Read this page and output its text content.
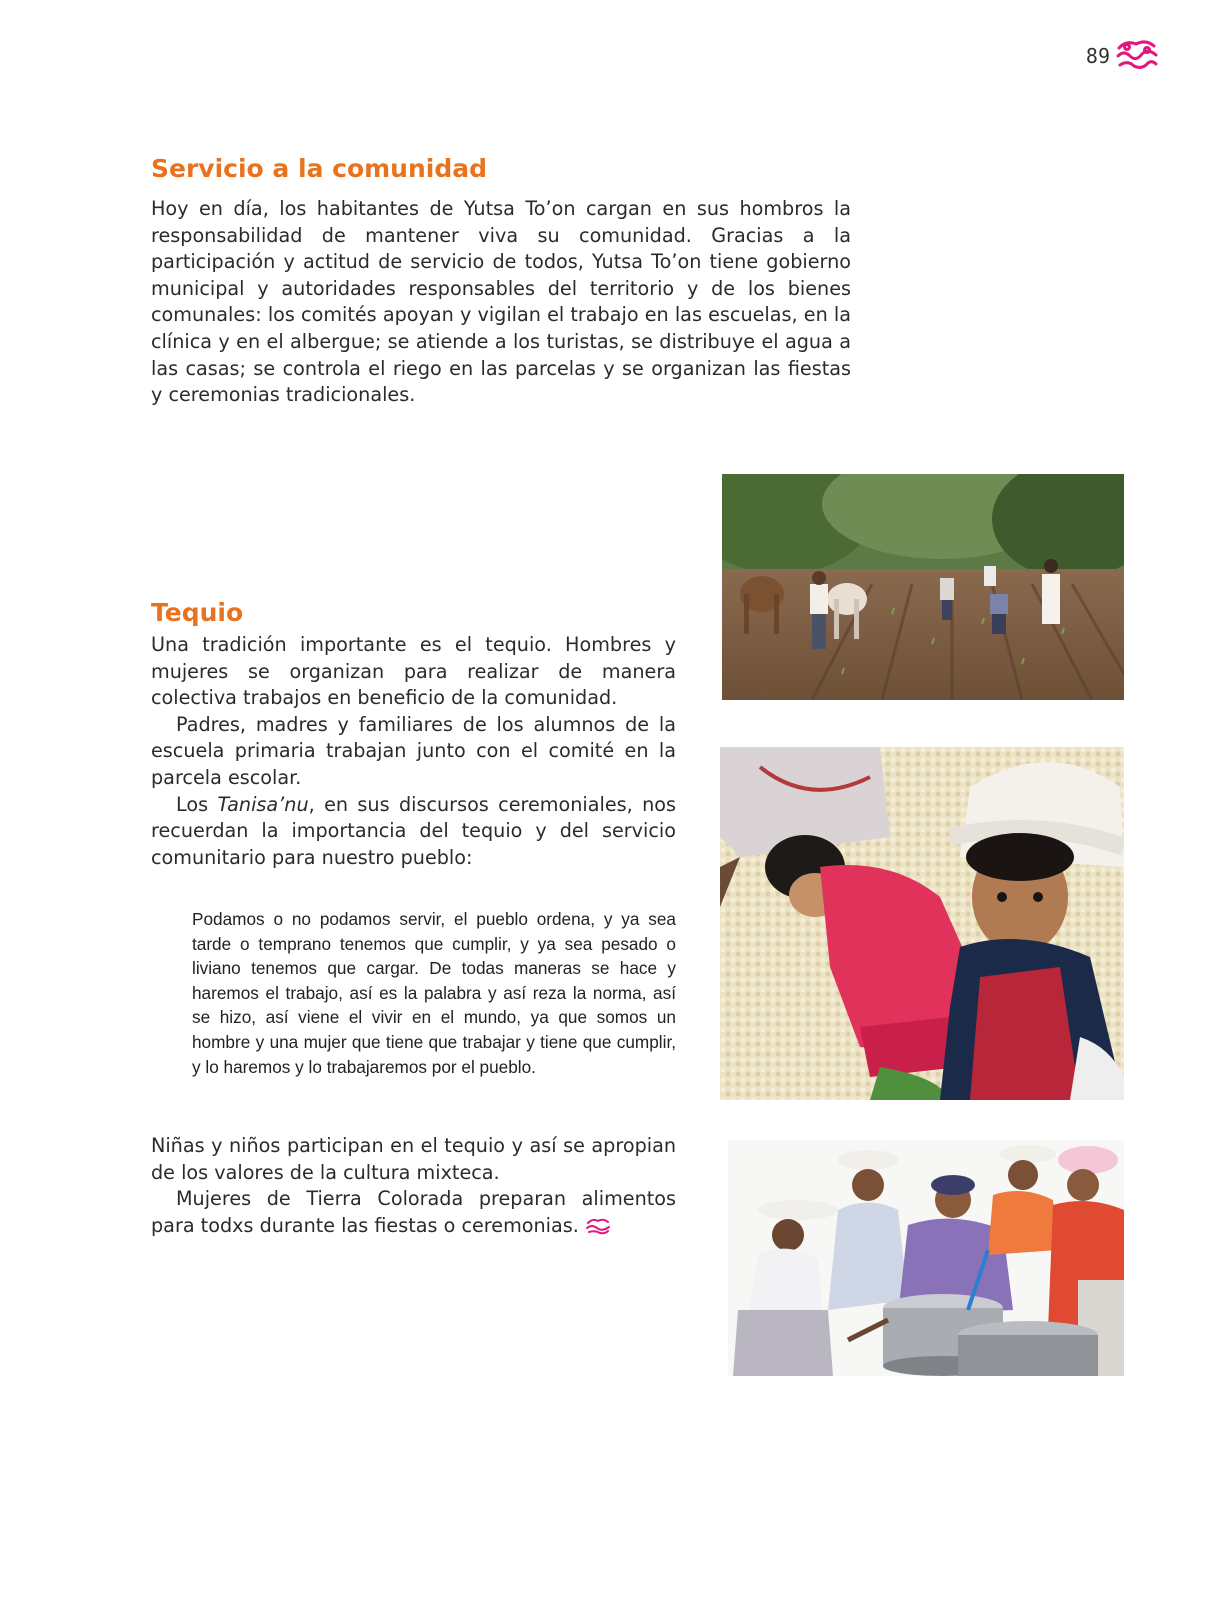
89
Servicio a la comunidad

Hoy en día, los habitantes de Yutsa To’on cargan en sus hombros la responsabilidad de mantener viva su comunidad. Gracias a la participación y actitud de servicio de todos, Yutsa To’on tiene gobierno municipal y autoridades responsables del territorio y de los bienes comunales: los comités apoyan y vigilan el trabajo en las escuelas, en la clínica y en el albergue; se atiende a los turistas, se distribuye el agua a las casas; se controla el riego en las parcelas y se organizan las fiestas y ceremonias tradicionales.

Tequio

Una tradición importante es el tequio. Hombres y mujeres se organizan para realizar de manera colectiva trabajos en beneficio de la comunidad.

Padres, madres y familiares de los alumnos de la escuela primaria trabajan junto con el comité en la parcela escolar.

Los Tanisa’nu, en sus discursos ceremoniales, nos recuerdan la importancia del tequio y del servicio comunitario para nuestro pueblo:

Podamos o no podamos servir, el pueblo ordena, y ya sea tarde o temprano tenemos que cumplir, y ya sea pesado o liviano tenemos que cargar. De todas maneras se hace y haremos el trabajo, así es la palabra y así reza la norma, así se hizo, así viene el vivir en el mundo, ya que somos un hombre y una mujer que tiene que trabajar y tiene que cumplir, y lo haremos y lo trabajaremos por el pueblo.

Niñas y niños participan en el tequio y así se apropian de los valores de la cultura mixteca.

Mujeres de Tierra Colorada preparan alimentos para todxs durante las fiestas o ceremonias.
